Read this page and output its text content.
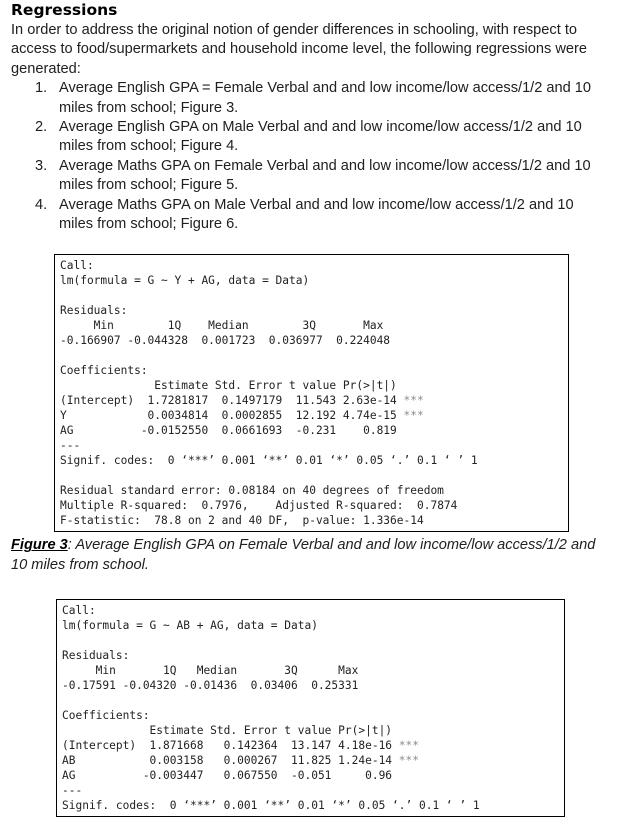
Regressions

In order to address the original notion of gender differences in schooling, with respect to access to food/supermarkets and household income level, the following regressions were generated:

1. Average English GPA = Female Verbal and and low income/low access/1/2 and 10 miles from school; Figure 3.
2. Average English GPA on Male Verbal and and low income/low access/1/2 and 10 miles from school; Figure 4.
3. Average Maths GPA on Female Verbal and and low income/low access/1/2 and 10 miles from school; Figure 5.
4. Average Maths GPA on Male Verbal and and low income/low access/1/2 and 10 miles from school; Figure 6.
Call:
lm(formula = G ~ Y + AG, data = Data)
Residuals:
Min        1Q    Median        3Q       Max
-0.166907 -0.044328  0.001723  0.036977  0.224048
Coefficients:
Estimate Std. Error t value Pr(>|t|)
(Intercept)  1.7281817  0.1497179  11.543 2.63e-14 ***
Y            0.0034814  0.0002855  12.192 4.74e-15 ***
AG          -0.0152550  0.0661693  -0.231    0.819
---
Signif. codes:  0 ‘***’ 0.001 ‘**’ 0.01 ‘*’ 0.05 ‘.’ 0.1 ‘ ’ 1
Residual standard error: 0.08184 on 40 degrees of freedom
Multiple R-squared:  0.7976,	Adjusted R-squared:  0.7874
F-statistic:  78.8 on 2 and 40 DF,  p-value: 1.336e-14
Figure 3: Average English GPA on Female Verbal and and low income/low access/1/2 and 10 miles from school.
Call:
lm(formula = G ~ AB + AG, data = Data)
Residuals:
Min       1Q   Median       3Q      Max
-0.17591 -0.04320 -0.01436  0.03406  0.25331
Coefficients:
Estimate Std. Error t value Pr(>|t|)
(Intercept)  1.871668   0.142364  13.147 4.18e-16 ***
AB           0.003158   0.000267  11.825 1.24e-14 ***
AG          -0.003447   0.067550  -0.051     0.96
---
Signif. codes:  0 ‘***’ 0.001 ‘**’ 0.01 ‘*’ 0.05 ‘.’ 0.1 ‘ ’ 1
